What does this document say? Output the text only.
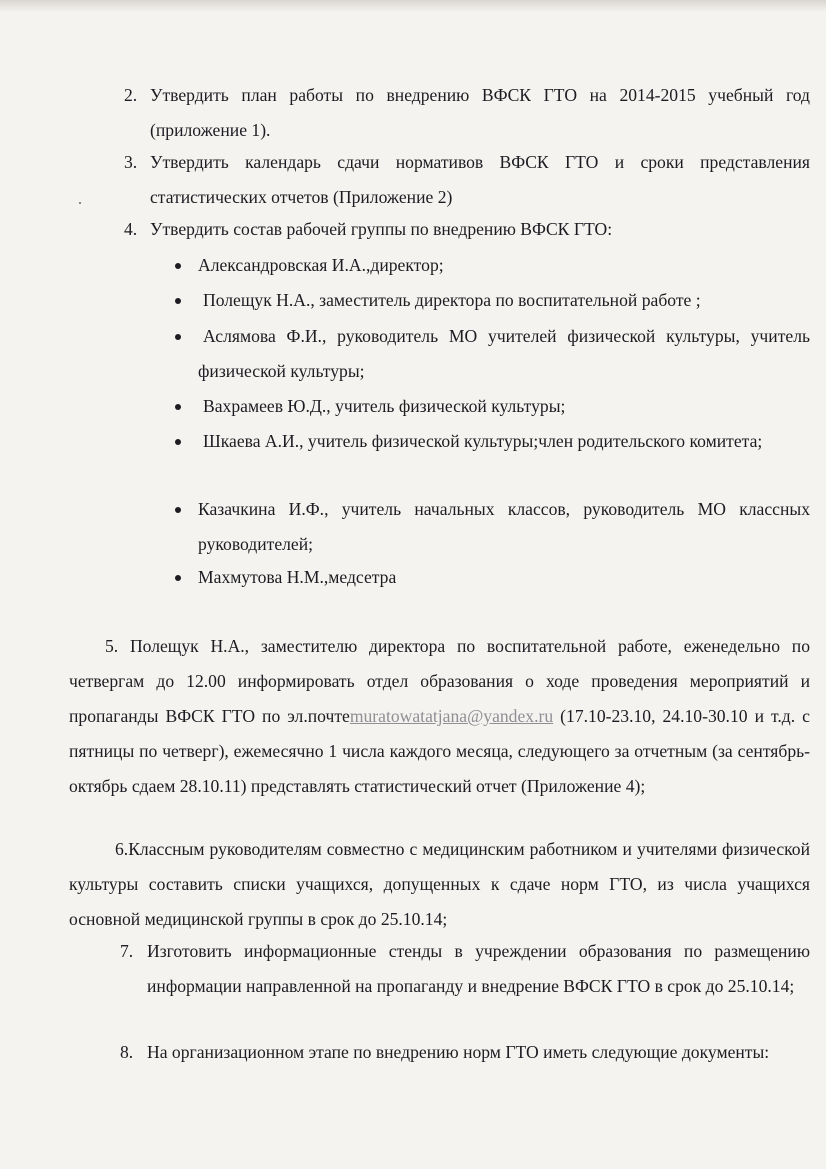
2. Утвердить план работы по внедрению ВФСК ГТО на 2014-2015 учебный год (приложение 1).
3. Утвердить календарь сдачи нормативов ВФСК ГТО и сроки представления статистических отчетов (Приложение 2)
4. Утвердить состав рабочей группы по внедрению ВФСК ГТО:
Александровская И.А.,директор;
Полещук Н.А., заместитель директора по воспитательной работе ;
Аслямова Ф.И., руководитель МО учителей физической культуры, учитель физической культуры;
Вахрамеев Ю.Д., учитель физической культуры;
Шкаева А.И., учитель физической культуры;член родительского комитета;
Казачкина И.Ф., учитель начальных классов, руководитель МО классных руководителей;
Махмутова Н.М.,медсетра
5. Полещук Н.А., заместителю директора по воспитательной работе, еженедельно по четвергам до 12.00 информировать отдел образования о ходе проведения мероприятий и пропаганды ВФСК ГТО по эл.почтеmuratowatatjana@yandex.ru (17.10-23.10, 24.10-30.10 и т.д. с пятницы по четверг), ежемесячно 1 числа каждого месяца, следующего за отчетным (за сентябрь-октябрь сдаем 28.10.11) представлять статистический отчет (Приложение 4);
6.Классным руководителям совместно с медицинским работником и учителями физической культуры составить списки учащихся, допущенных к сдаче норм ГТО, из числа учащихся основной медицинской группы в срок до 25.10.14;
7. Изготовить информационные стенды в учреждении образования по размещению информации направленной на пропаганду и внедрение ВФСК ГТО в срок до 25.10.14;
8. На организационном этапе по внедрению норм ГТО иметь следующие документы:
